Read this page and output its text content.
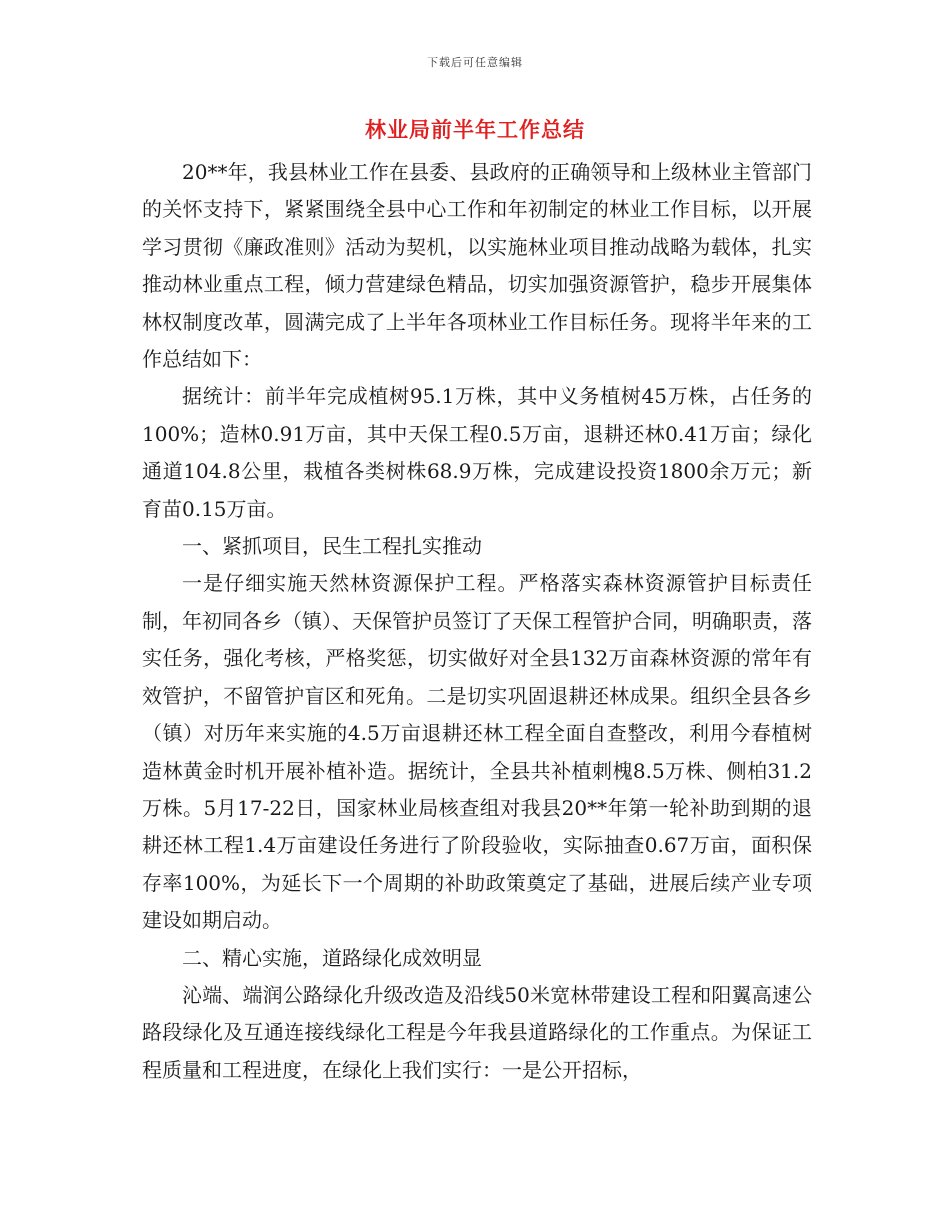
下载后可任意编辑
林业局前半年工作总结

20**年，我县林业工作在县委、县政府的正确领导和上级林业主管部门的关怀支持下，紧紧围绕全县中心工作和年初制定的林业工作目标，以开展学习贯彻《廉政准则》活动为契机，以实施林业项目推动战略为载体，扎实推动林业重点工程，倾力营建绿色精品，切实加强资源管护，稳步开展集体林权制度改革，圆满完成了上半年各项林业工作目标任务。现将半年来的工作总结如下：

据统计：前半年完成植树95.1万株，其中义务植树45万株，占任务的100%；造林0.91万亩，其中天保工程0.5万亩，退耕还林0.41万亩；绿化通道104.8公里，栽植各类树株68.9万株，完成建设投资1800余万元；新育苗0.15万亩。

一、紧抓项目，民生工程扎实推动

一是仔细实施天然林资源保护工程。严格落实森林资源管护目标责任制，年初同各乡（镇）、天保管护员签订了天保工程管护合同，明确职责，落实任务，强化考核，严格奖惩，切实做好对全县132万亩森林资源的常年有效管护，不留管护盲区和死角。二是切实巩固退耕还林成果。组织全县各乡（镇）对历年来实施的4.5万亩退耕还林工程全面自查整改，利用今春植树造林黄金时机开展补植补造。据统计，全县共补植刺槐8.5万株、侧柏31.2万株。5月17-22日，国家林业局核查组对我县20**年第一轮补助到期的退耕还林工程1.4万亩建设任务进行了阶段验收，实际抽查0.67万亩，面积保存率100%，为延长下一个周期的补助政策奠定了基础，进展后续产业专项建设如期启动。

二、精心实施，道路绿化成效明显

沁端、端润公路绿化升级改造及沿线50米宽林带建设工程和阳翼高速公路段绿化及互通连接线绿化工程是今年我县道路绿化的工作重点。为保证工程质量和工程进度，在绿化上我们实行：一是公开招标，
